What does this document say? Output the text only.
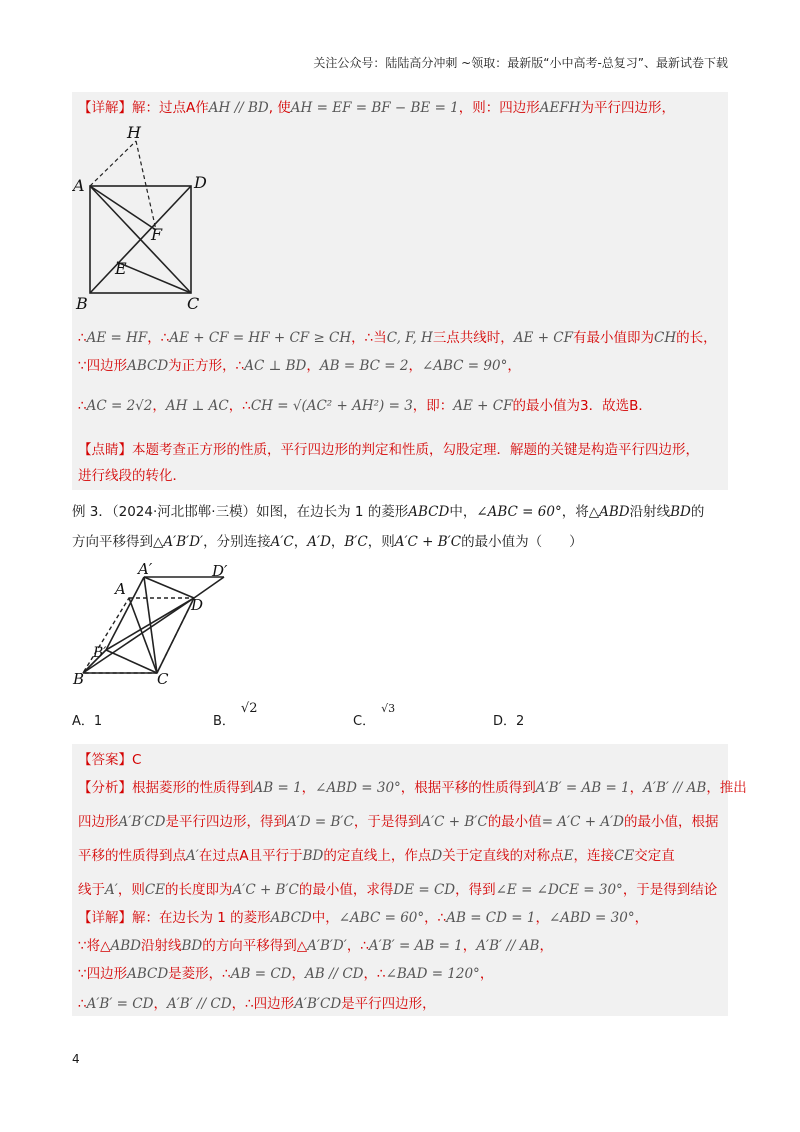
关注公众号：陆陆高分冲刺 ~领取：最新版“小中高考-总复习”、最新试卷下载
【详解】解：过点A作AH // BD, 使AH = EF = BF − BE = 1，则：四边形AEFH为平行四边形，
H
A	D
F
E
B	C
∴AE = HF，∴AE + CF = HF + CF ≥ CH，∴当C, F, H三点共线时，AE + CF有最小值即为CH的长，
∵四边形ABCD为正方形，∴AC ⊥ BD，AB = BC = 2，∠ABC = 90°，
∴AC = 2√2，AH ⊥ AC，∴CH = √(AC² + AH²) = 3，即：AE + CF的最小值为3．故选B．
【点睛】本题考查正方形的性质，平行四边形的判定和性质，勾股定理．解题的关键是构造平行四边形，
进行线段的转化．
例 3．（2024·河北邯郸·三模）如图，在边长为 1 的菱形ABCD中，∠ABC = 60°，将△ABD沿射线BD的
方向平移得到△A′B′D′，分别连接A′C，A′D，B′C，则A′C + B′C的最小值为（　　）
A′	D′
A
D
B′
B	C
A．1	B．√2
C．$^{√3}$
D．2
【答案】C
【分析】根据菱形的性质得到AB = 1，∠ABD = 30°，根据平移的性质得到A′B′ = AB = 1，A′B′ // AB，推出
四边形A′B′CD是平行四边形，得到A′D = B′C，于是得到A′C + B′C的最小值= A′C + A′D的最小值，根据
平移的性质得到点A′在过点A且平行于BD的定直线上，作点D关于定直线的对称点E，连接CE交定直
线于A′，则CE的长度即为A′C + B′C的最小值，求得DE = CD，得到∠E = ∠DCE = 30°，于是得到结论
【详解】解：在边长为 1 的菱形ABCD中，∠ABC = 60°，∴AB = CD = 1，∠ABD = 30°，
∵将△ABD沿射线BD的方向平移得到△A′B′D′，∴A′B′ = AB = 1，A′B′ // AB，
∵四边形ABCD是菱形，∴AB = CD，AB // CD，∴∠BAD = 120°，
∴A′B′ = CD，A′B′ // CD，∴四边形A′B′CD是平行四边形，
4
